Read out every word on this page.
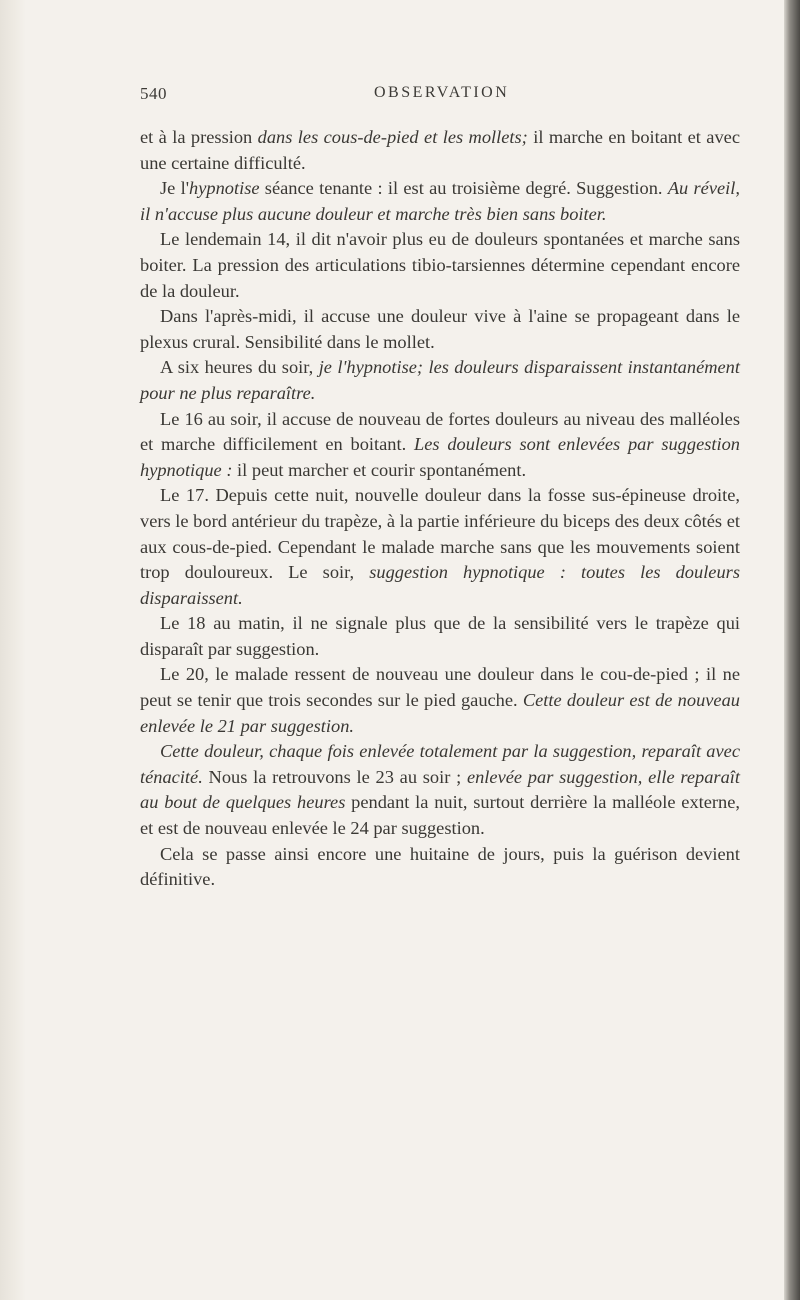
540	OBSERVATION

et à la pression dans les cous-de-pied et les mollets; il marche en boitant et avec une certaine difficulté.

Je l'hypnotise séance tenante : il est au troisième degré. Suggestion. Au réveil, il n'accuse plus aucune douleur et marche très bien sans boiter.

Le lendemain 14, il dit n'avoir plus eu de douleurs spontanées et marche sans boiter. La pression des articulations tibio-tarsiennes détermine cependant encore de la douleur.

Dans l'après-midi, il accuse une douleur vive à l'aine se propageant dans le plexus crural. Sensibilité dans le mollet.

A six heures du soir, je l'hypnotise; les douleurs disparaissent instantanément pour ne plus reparaître.

Le 16 au soir, il accuse de nouveau de fortes douleurs au niveau des malléoles et marche difficilement en boitant. Les douleurs sont enlevées par suggestion hypnotique : il peut marcher et courir spontanément.

Le 17. Depuis cette nuit, nouvelle douleur dans la fosse sus-épineuse droite, vers le bord antérieur du trapèze, à la partie inférieure du biceps des deux côtés et aux cous-de-pied. Cependant le malade marche sans que les mouvements soient trop douloureux. Le soir, suggestion hypnotique : toutes les douleurs disparaissent.

Le 18 au matin, il ne signale plus que de la sensibilité vers le trapèze qui disparaît par suggestion.

Le 20, le malade ressent de nouveau une douleur dans le cou-de-pied ; il ne peut se tenir que trois secondes sur le pied gauche. Cette douleur est de nouveau enlevée le 21 par suggestion.

Cette douleur, chaque fois enlevée totalement par la suggestion, reparaît avec ténacité. Nous la retrouvons le 23 au soir ; enlevée par suggestion, elle reparaît au bout de quelques heures pendant la nuit, surtout derrière la malléole externe, et est de nouveau enlevée le 24 par suggestion.

Cela se passe ainsi encore une huitaine de jours, puis la guérison devient définitive.
